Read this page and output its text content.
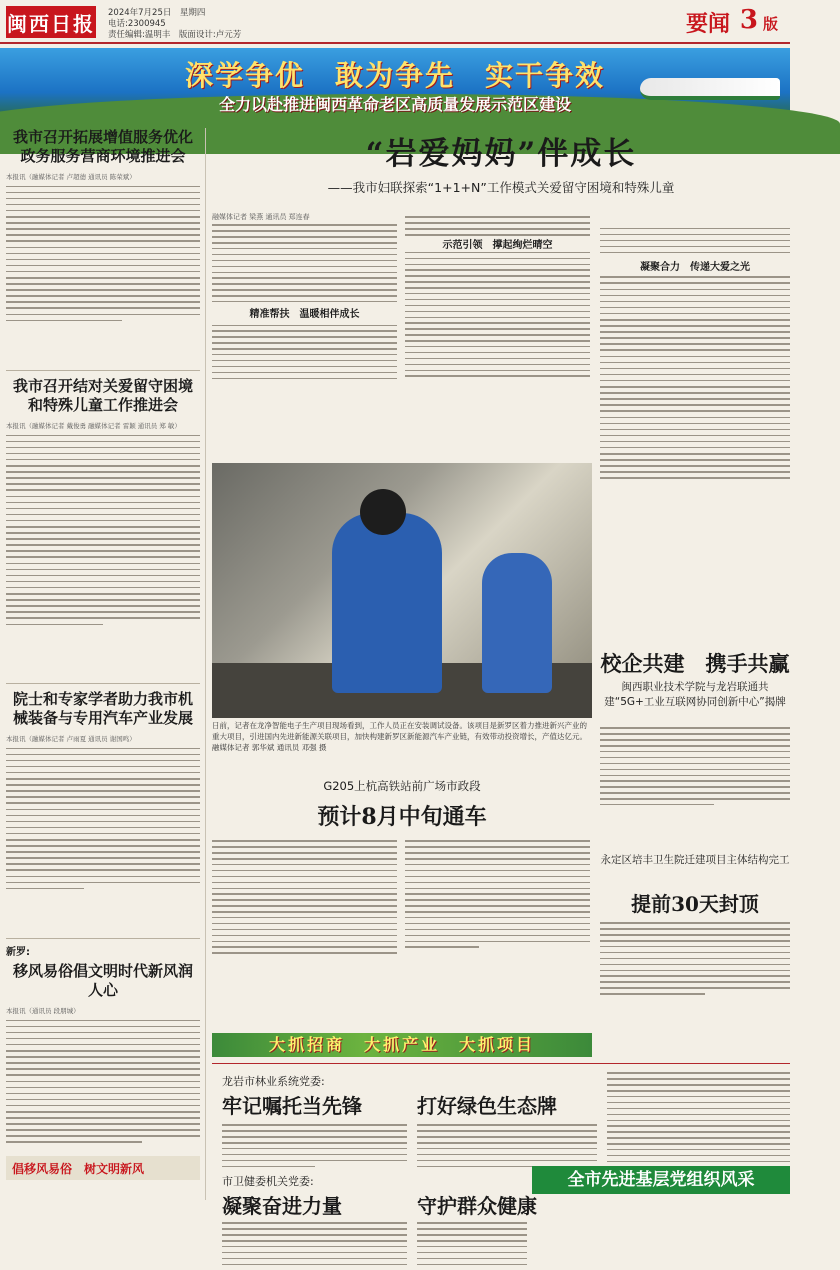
闽西日报 2024年7月25日　星期四
电话:2300945
责任编辑:温明丰　版面设计:卢元芳	要闻 3 版
深学争优　敢为争先　实干争效
全力以赴推进闽西革命老区高质量发展示范区建设
我市召开拓展增值服务优化政务服务营商环境推进会
本报讯（融媒体记者 卢超德 通讯员 陈荣斌）
我市召开结对关爱留守困境和特殊儿童工作推进会
本报讯（融媒体记者 戴俊勇 融媒体记者 雷颖 通讯员 郑 敏）
院士和专家学者助力我市机械装备与专用汽车产业发展
本报讯（融媒体记者 卢雨夏 通讯员 谢国鸣）
新罗:
移风易俗倡文明时代新风润人心
本报讯（通讯员 段朋城）
倡移风易俗　树文明新风
“岩爱妈妈”伴成长
——我市妇联探索“1+1+N”工作模式关爱留守困境和特殊儿童
融媒体记者 梁燕 通讯员 郑连春
精准帮扶　温暖相伴成长
示范引领　撑起绚烂晴空
凝聚合力　传递大爱之光
日前，记者在龙净智能电子生产项目现场看到，工作人员正在安装调试设备。该项目是新罗区着力推进新兴产业的重大项目，引进国内先进新能源关联项目，加快构建新罗区新能源汽车产业链，有效带动投资增长，产值达亿元。融媒体记者 郭华斌 通讯员 邓强 摄
校企共建　携手共赢
闽西职业技术学院与龙岩联通共建“5G+工业互联网协同创新中心”揭牌
永定区培丰卫生院迁建项目主体结构完工
提前30天封顶
G205上杭高铁站前广场市政段
预计8月中旬通车
大抓招商　大抓产业　大抓项目
龙岩市林业系统党委:
牢记嘱托当先锋	打好绿色生态牌
市卫健委机关党委:
凝聚奋进力量	守护群众健康
全市先进基层党组织风采
